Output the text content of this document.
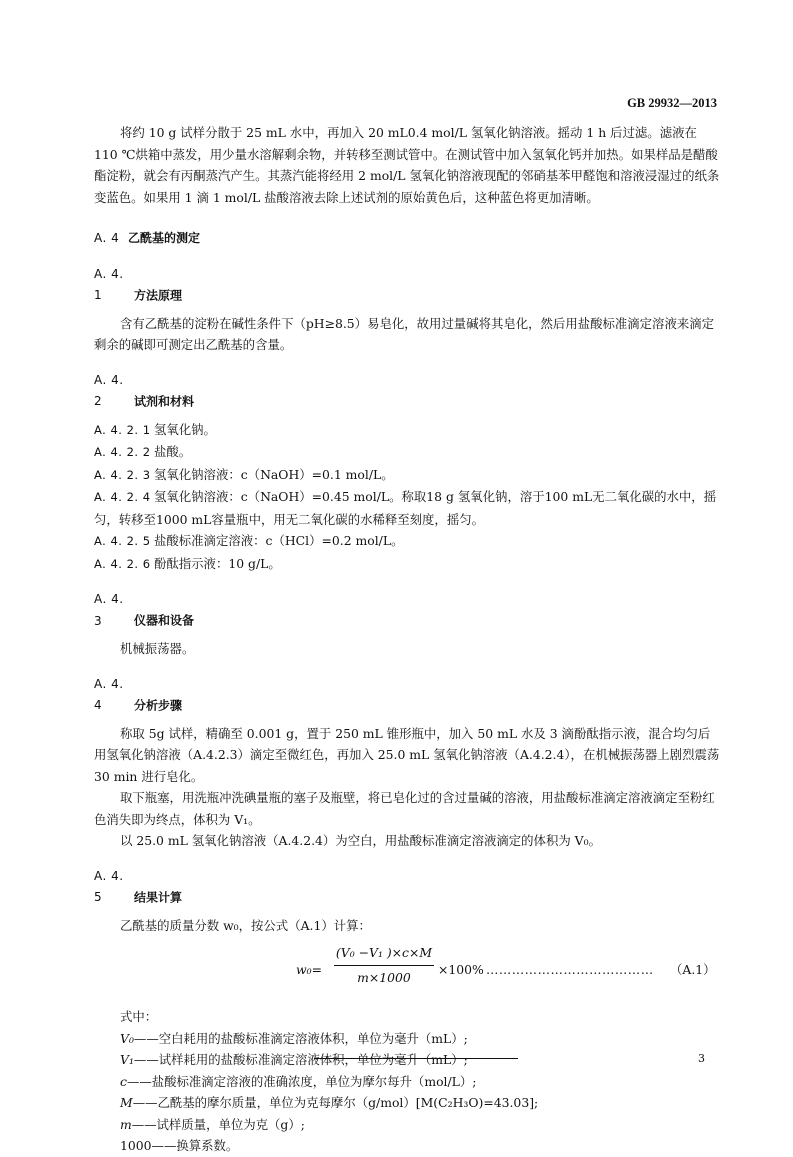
GB 29932—2013

将约 10 g 试样分散于 25 mL 水中，再加入 20 mL0.4 mol/L 氢氧化钠溶液。摇动 1 h 后过滤。滤液在 110 ℃烘箱中蒸发，用少量水溶解剩余物，并转移至测试管中。在测试管中加入氢氧化钙并加热。如果样品是醋酸酯淀粉，就会有丙酮蒸汽产生。其蒸汽能将经用 2 mol/L 氢氧化钠溶液现配的邻硝基苯甲醛饱和溶液浸湿过的纸条变蓝色。如果用 1 滴 1 mol/L 盐酸溶液去除上述试剂的原始黄色后，这种蓝色将更加清晰。

A. 4 乙酰基的测定

A. 4. 1	方法原理

含有乙酰基的淀粉在碱性条件下（pH≥8.5）易皂化，故用过量碱将其皂化，然后用盐酸标准滴定溶液来滴定剩余的碱即可测定出乙酰基的含量。

A. 4. 2	试剂和材料

A. 4. 2. 1 氢氧化钠。

A. 4. 2. 2 盐酸。

A. 4. 2. 3 氢氧化钠溶液：c（NaOH）=0.1 mol/L。

A. 4. 2. 4 氢氧化钠溶液：c（NaOH）=0.45 mol/L。称取18 g 氢氧化钠，溶于100 mL无二氧化碳的水中，摇匀，转移至1000 mL容量瓶中，用无二氧化碳的水稀释至刻度，摇匀。

A. 4. 2. 5 盐酸标准滴定溶液：c（HCl）=0.2 mol/L。

A. 4. 2. 6 酚酞指示液：10 g/L。

A. 4. 3	仪器和设备

机械振荡器。

A. 4. 4	分析步骤

称取 5g 试样，精确至 0.001 g，置于 250 mL 锥形瓶中，加入 50 mL 水及 3 滴酚酞指示液，混合均匀后用氢氧化钠溶液（A.4.2.3）滴定至微红色，再加入 25.0 mL 氢氧化钠溶液（A.4.2.4），在机械振荡器上剧烈震荡 30 min 进行皂化。

取下瓶塞，用洗瓶冲洗碘量瓶的塞子及瓶壁，将已皂化过的含过量碱的溶液，用盐酸标准滴定溶液滴定至粉红色消失即为终点，体积为 V₁。

以 25.0 mL 氢氧化钠溶液（A.4.2.4）为空白，用盐酸标准滴定溶液滴定的体积为 V₀。

A. 4. 5	结果计算

乙酰基的质量分数 w₀，按公式（A.1）计算：

$w_0= \frac{\text{(V₀ −V₁ )×c×M}}{m\times 1000} \times 100\%$ ………………………………… （A.1）

式中：

V₀——空白耗用的盐酸标准滴定溶液体积，单位为毫升（mL）;

V₁——试样耗用的盐酸标准滴定溶液体积，单位为毫升（mL）;

c——盐酸标准滴定溶液的准确浓度，单位为摩尔每升（mol/L）;

M——乙酰基的摩尔质量，单位为克每摩尔（g/mol）[M(C₂H₃O)=43.03];

m——试样质量，单位为克（g）;

1000——换算系数。

3
